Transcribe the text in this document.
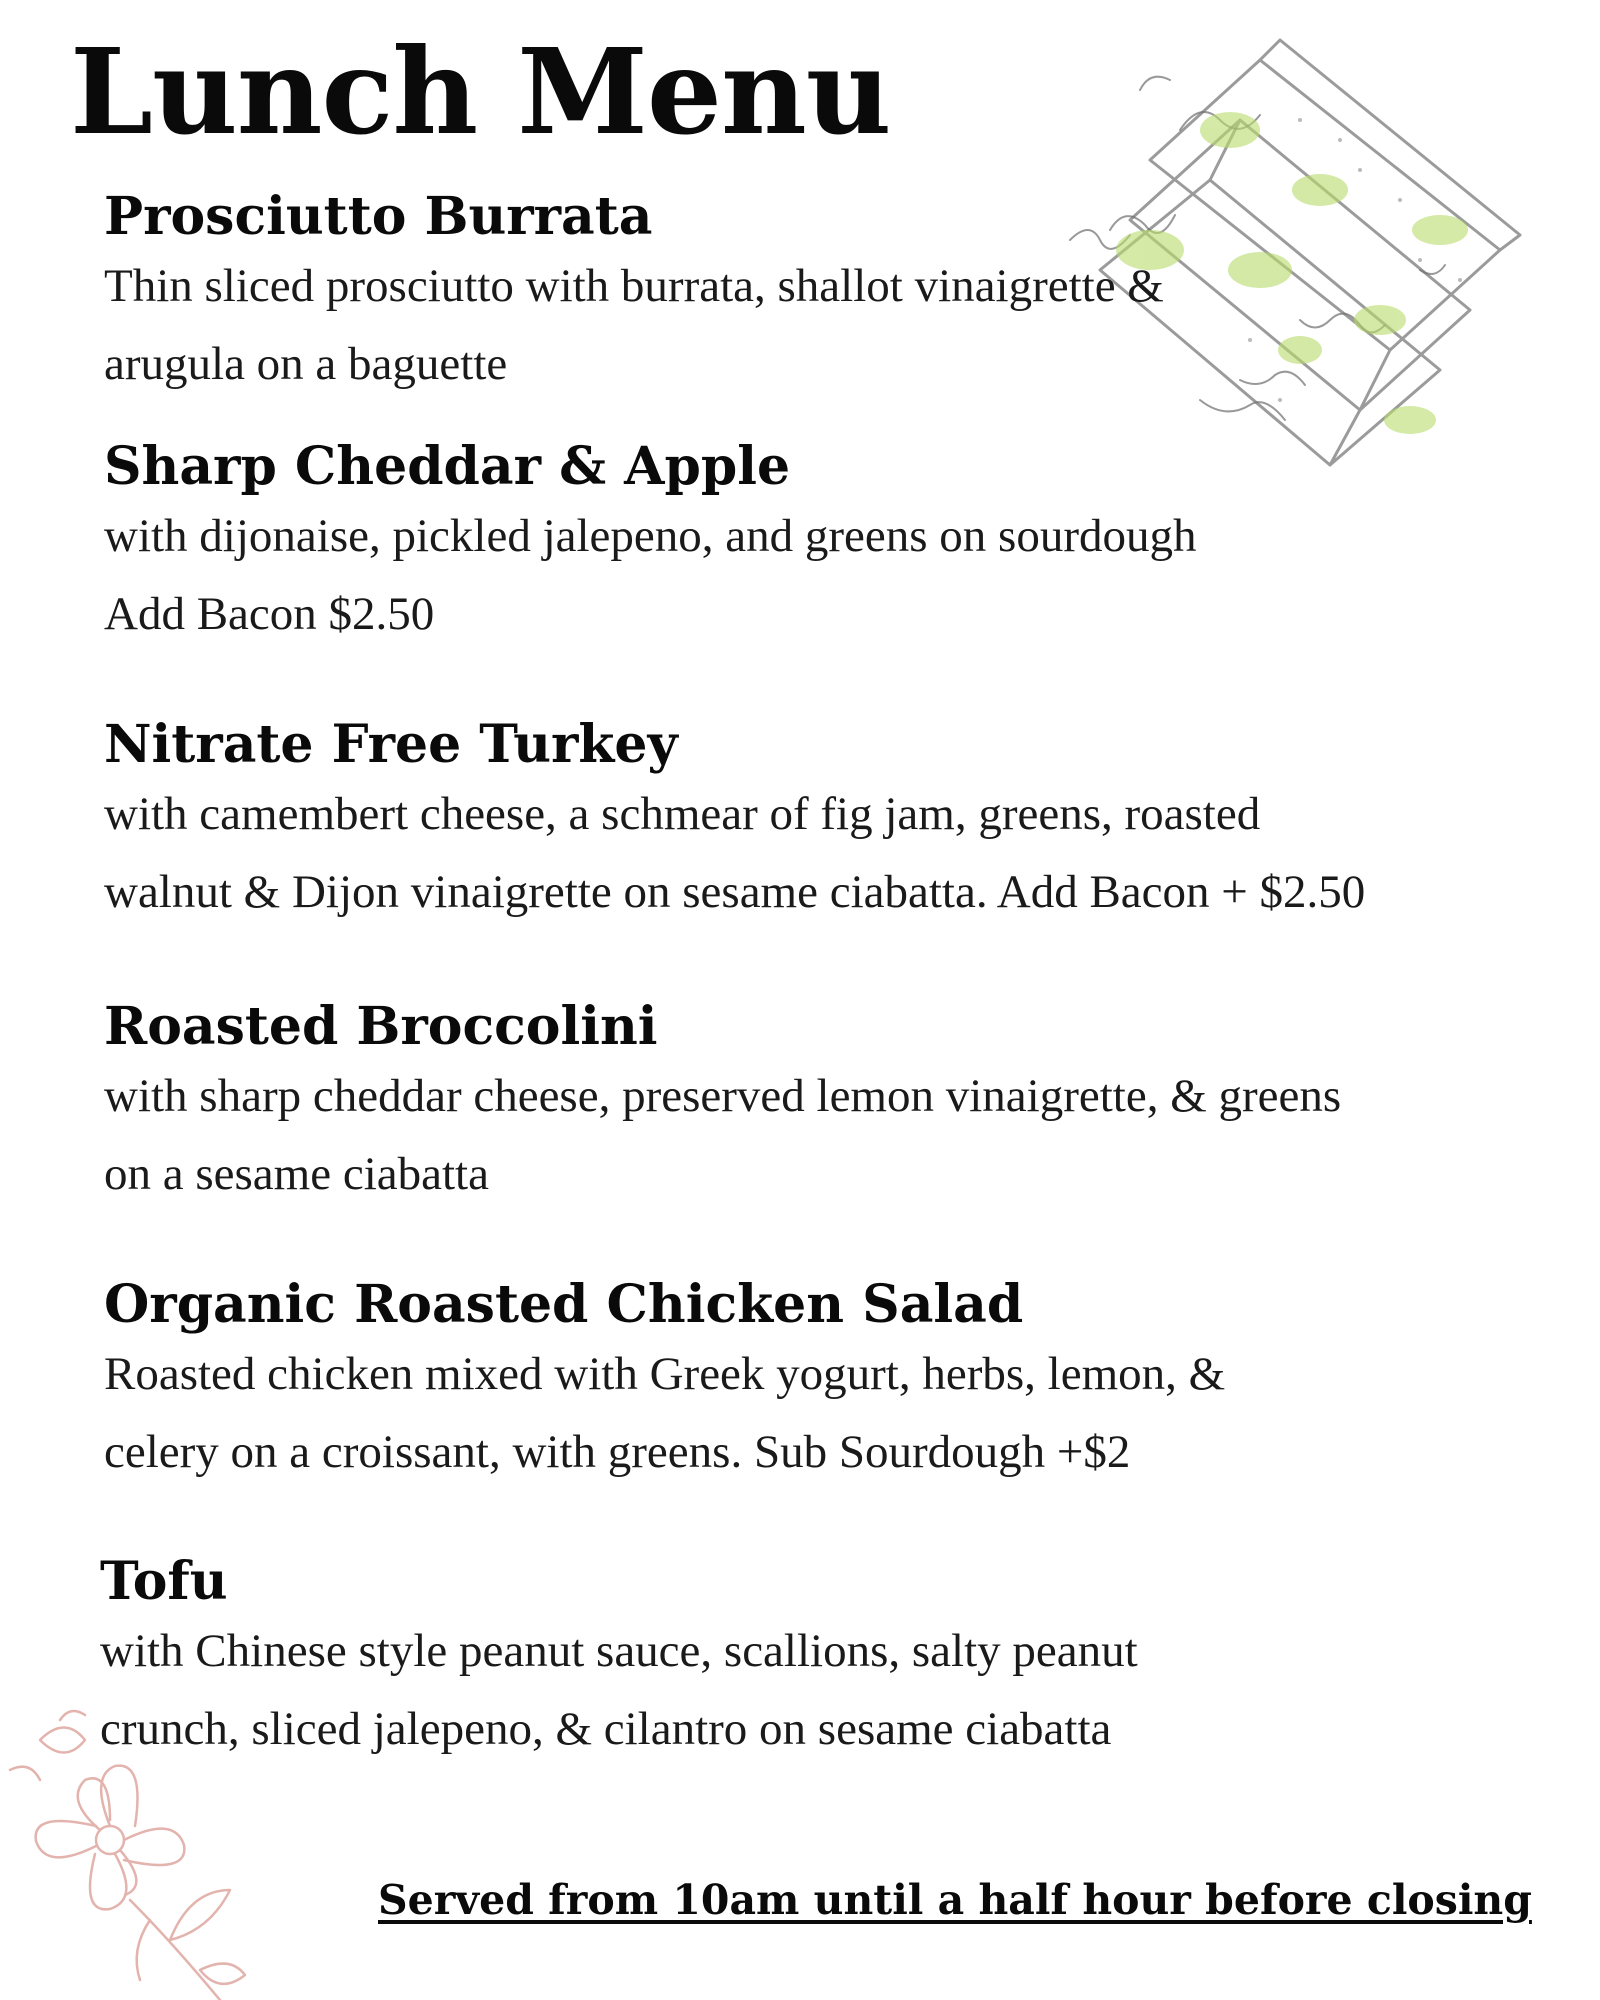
Lunch Menu
Prosciutto Burrata

Thin sliced prosciutto with burrata, shallot vinaigrette &
arugula on a baguette

Sharp Cheddar & Apple

with dijonaise, pickled jalepeno, and greens on sourdough
Add Bacon $2.50

Nitrate Free Turkey

with camembert cheese, a schmear of fig jam, greens, roasted
walnut & Dijon vinaigrette on sesame ciabatta. Add Bacon + $2.50

Roasted Broccolini

with sharp cheddar cheese, preserved lemon vinaigrette, & greens
on a sesame ciabatta

Organic Roasted Chicken Salad

Roasted chicken mixed with Greek yogurt, herbs, lemon, &
celery on a croissant, with greens. Sub Sourdough +$2

Tofu

with Chinese style peanut sauce, scallions, salty peanut
crunch, sliced jalepeno, & cilantro on sesame ciabatta

Served from 10am until a half hour before closing
